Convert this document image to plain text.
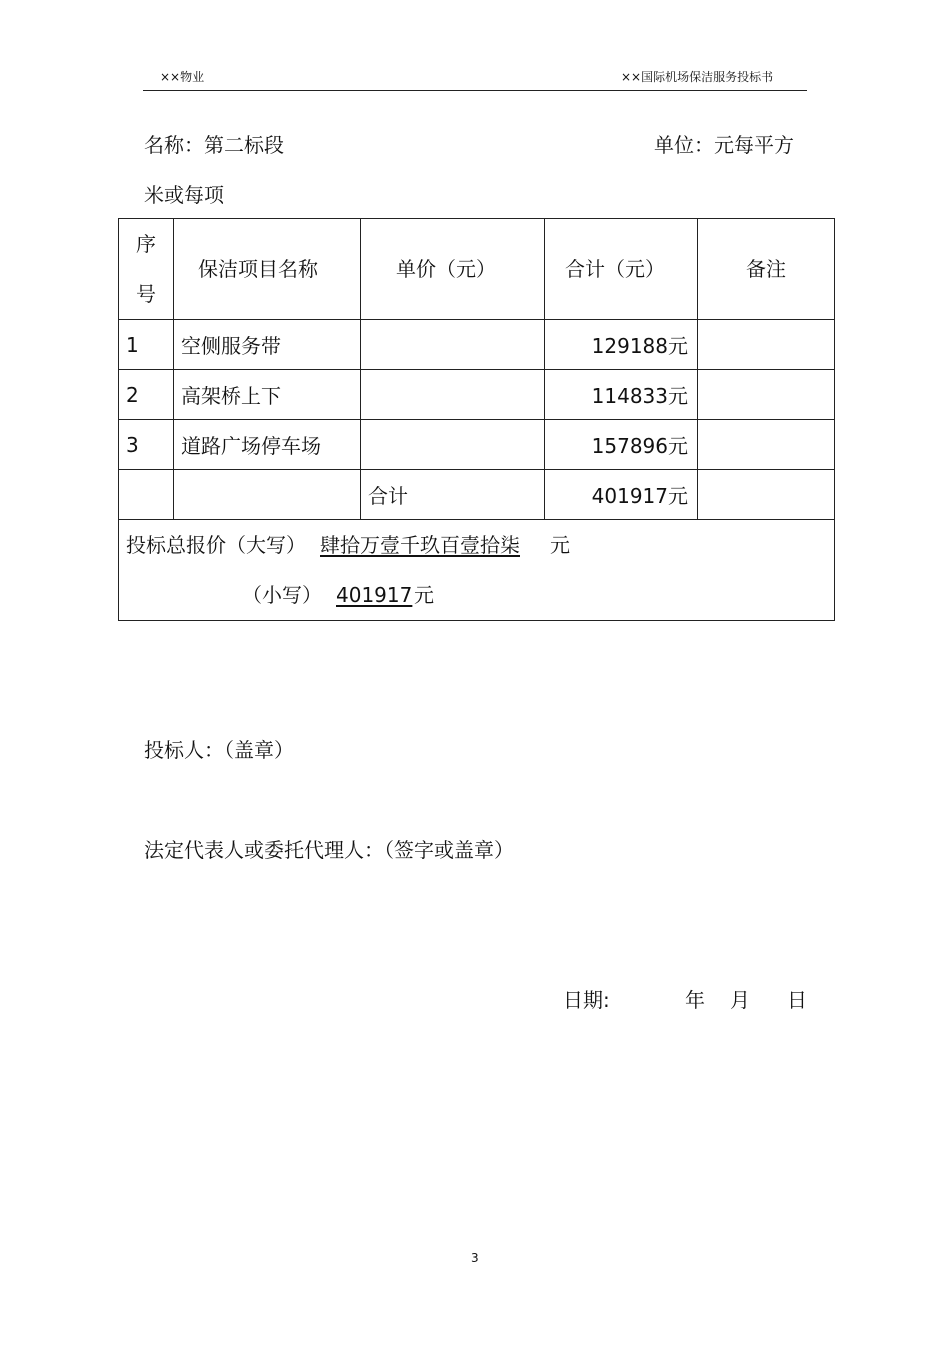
××物业	××国际机场保洁服务投标书
名称：第二标段	单位：元每平方
米或每项
序
号	保洁项目名称	单价（元）	合计（元）	备注
1	空侧服务带		129188元	
2	高架桥上下		114833元	
3	道路广场停车场		157896元	
		合计	401917元	

投标总报价（大写） 肆拾万壹千玖百壹拾柒 元
（小写） 401917元				
投标人：（盖章）
法定代表人或委托代理人：（签字或盖章）
日期:	年 月 日
3
